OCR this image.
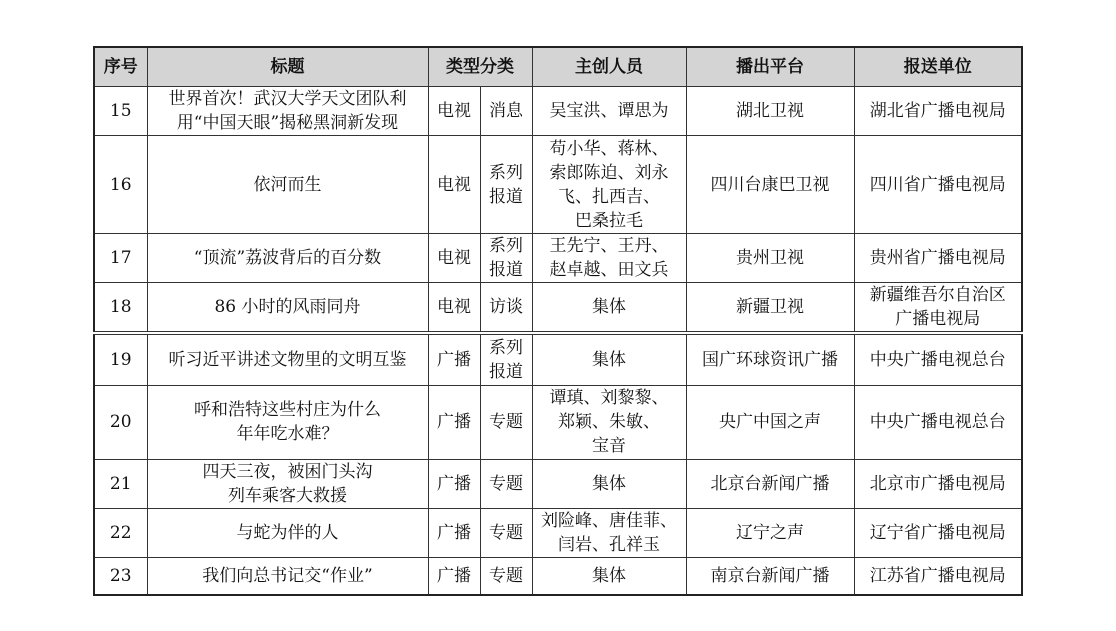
序号	标题	类型分类		主创人员	播出平台	报送单位
15	世界首次！武汉大学天文团队利
用“中国天眼”揭秘黑洞新发现	电视	消息	吴宝洪、谭思为	湖北卫视	湖北省广播电视局

16	依河而生	电视	系列
报道	苟小华、蒋林、
索郎陈迫、刘永
飞、扎西吉、
巴桑拉毛	四川台康巴卫视	四川省广播电视局

17	“顶流”荔波背后的百分数	电视	系列
报道	王先宁、王丹、
赵卓越、田文兵	贵州卫视	贵州省广播电视局

18	86 小时的风雨同舟	电视	访谈	集体	新疆卫视	新疆维吾尔自治区
广播电视局

19	听习近平讲述文物里的文明互鉴	广播	系列
报道	集体	国广环球资讯广播	中央广播电视总台

20	呼和浩特这些村庄为什么
年年吃水难？	广播	专题	谭瑱、刘黎黎、
郑颖、朱敏、
宝音	央广中国之声	中央广播电视总台

21	四天三夜，被困门头沟
列车乘客大救援	广播	专题	集体	北京台新闻广播	北京市广播电视局

22	与蛇为伴的人	广播	专题	刘险峰、唐佳菲、
闫岩、孔祥玉	辽宁之声	辽宁省广播电视局

23	我们向总书记交“作业”	广播	专题	集体	南京台新闻广播	江苏省广播电视局
